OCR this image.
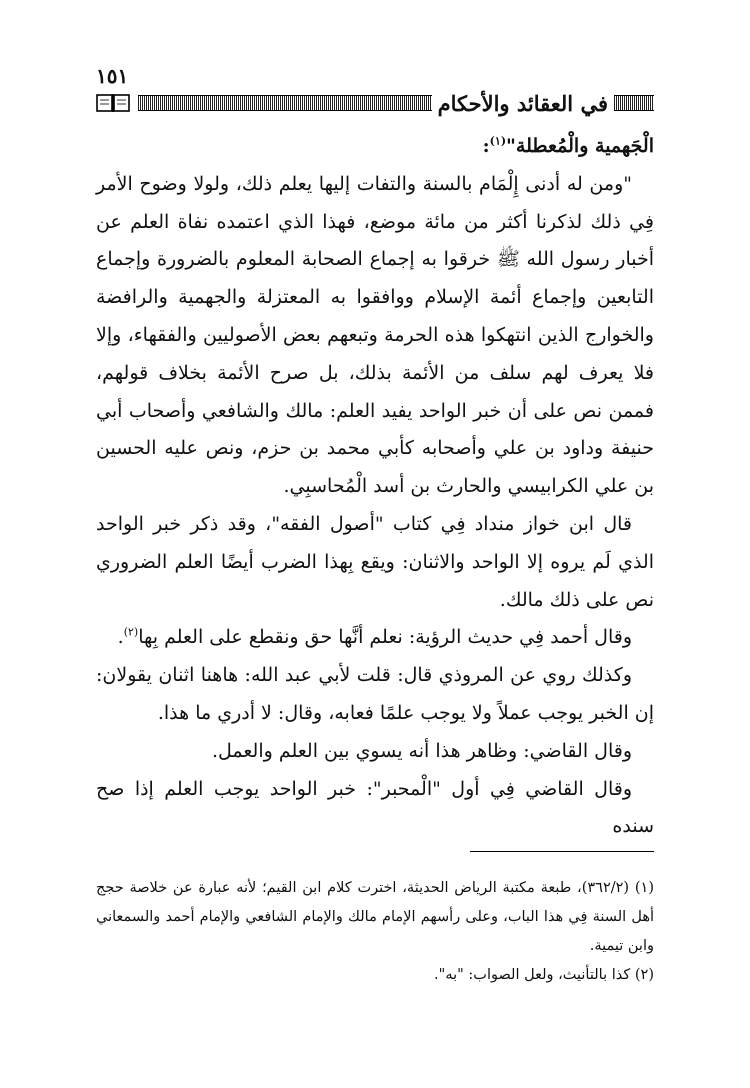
١٥١
في العقائد والأحكام

الْجَهمية والْمُعطلة"$^{(١)}$:

"ومن له أدنى إِلْمَام بالسنة والتفات إليها يعلم ذلك، ولولا وضوح الأمر فِي ذلك لذكرنا أكثر من مائة موضع، فهذا الذي اعتمده نفاة العلم عن أخبار رسول الله ﷺ خرقوا به إجماع الصحابة المعلوم بالضرورة وإجماع التابعين وإجماع أئمة الإسلام ووافقوا به المعتزلة والجهمية والرافضة والخوارج الذين انتهكوا هذه الحرمة وتبعهم بعض الأصوليين والفقهاء، وإلا فلا يعرف لهم سلف من الأئمة بذلك، بل صرح الأئمة بخلاف قولهم، فممن نص على أن خبر الواحد يفيد العلم: مالك والشافعي وأصحاب أبي حنيفة وداود بن علي وأصحابه كأبي محمد بن حزم، ونص عليه الحسين بن علي الكرابيسي والحارث بن أسد الْمُحاسبِي.

قال ابن خواز منداد فِي كتاب "أصول الفقه"، وقد ذكر خبر الواحد الذي لَم يروه إلا الواحد والاثنان: ويقع بِهذا الضرب أيضًا العلم الضروري نص على ذلك مالك.

وقال أحمد فِي حديث الرؤية: نعلم أنَّها حق ونقطع على العلم بِها$^{(٢)}$.

وكذلك روي عن المروذي قال: قلت لأبي عبد الله: هاهنا اثنان يقولان: إن الخبر يوجب عملاً ولا يوجب علمًا فعابه، وقال: لا أدري ما هذا.

وقال القاضي: وظاهر هذا أنه يسوي بين العلم والعمل.

وقال القاضي فِي أول "الْمحبر": خبر الواحد يوجب العلم إذا صح سنده

(١) (٣٦٢/٢)، طبعة مكتبة الرياض الحديثة، اخترت كلام ابن القيم؛ لأنه عبارة عن خلاصة حجج أهل السنة فِي هذا الباب، وعلى رأسهم الإمام مالك والإمام الشافعي والإمام أحمد والسمعاني وابن تيمية.

(٢) كذا بالتأنيث، ولعل الصواب: "به".
